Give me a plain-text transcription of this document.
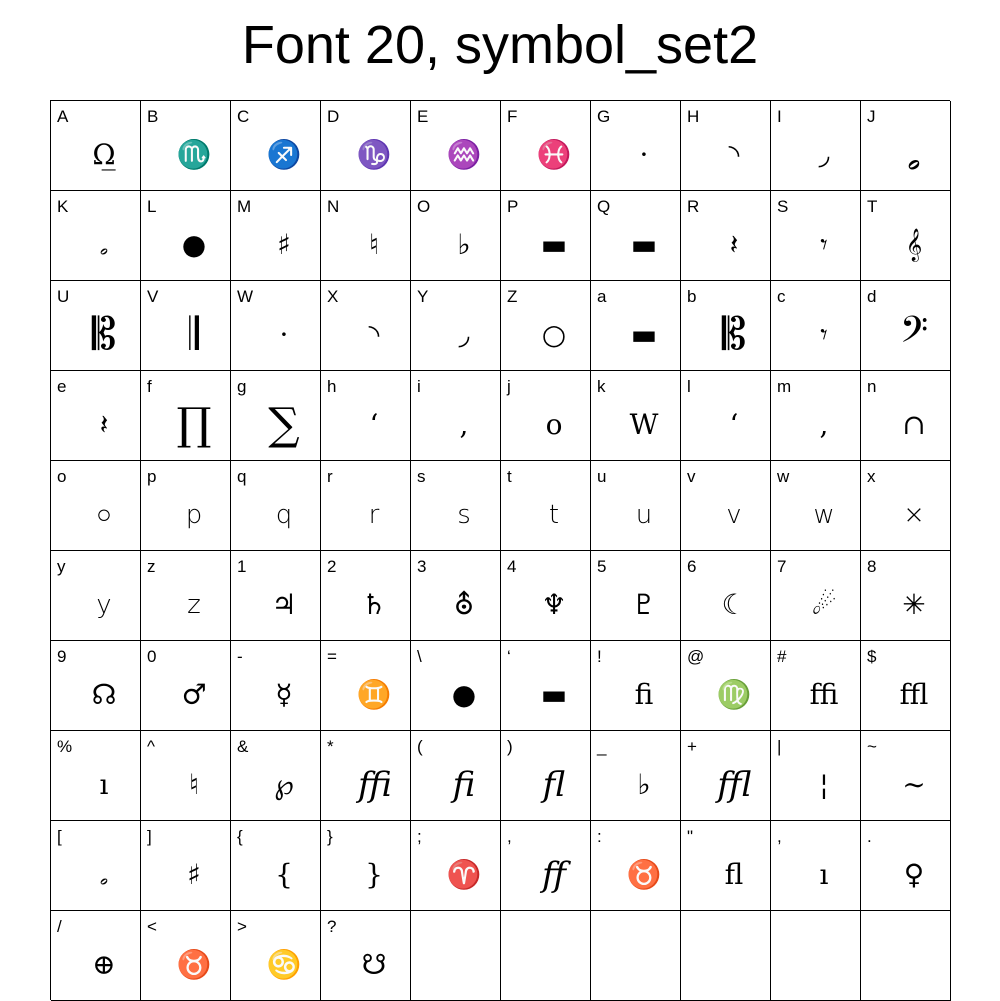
Font 20, symbol_set2
A
Ω̲
B
♏
C
♐
D
♑
E
♒
F
♓
G
·
H
◝
I
◞
J
𝅗
K
𝅗
L
●
M
♯
N
♮
O
♭
P
▬
Q
▬
R
𝄽
S
𝄾
T
𝄞
U
𝄡
V
𝄂
W
·
X
◝
Y
◞
Z
○
a
▬
b
𝄡
c
𝄾
d
𝄢
e
𝄽
f
∏
g
∑
h
‘
i
,
j
o
k
W
l
‘
m
,
n
∩
o
○
p
p
q
q
r
r
s
s
t
t
u
u
v
v
w
w
x
×
y
y
z
z
1
♃
2
♄
3
⛢
4
♆
5
♇
6
☾
7
☄
8
✳
9
☊
0
♂
-
☿
=
♊
\
●
‘
▬
!
ﬁ
@
♍
#
ﬃ
$
ﬄ
%
ı
^
♮
&
℘
*
ﬃ
(
ﬁ
)
ﬂ
_
♭
+
ﬄ
|
¦
~
∼
[
𝅗
]
♯
{
{
}
}
;
♈
,
ﬀ
:
♉
"
ﬂ
,
ı
.
♀
/
⊕
<
♉
>
♋
?
☋
